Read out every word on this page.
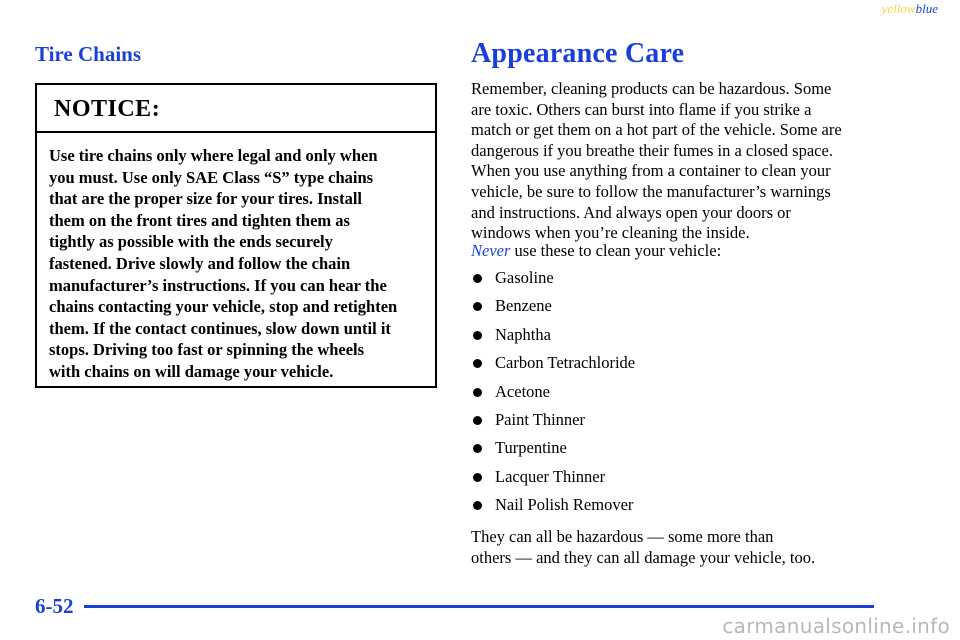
yellowblue
Tire Chains
NOTICE:
Use tire chains only where legal and only when
you must. Use only SAE Class “S” type chains
that are the proper size for your tires. Install
them on the front tires and tighten them as
tightly as possible with the ends securely
fastened. Drive slowly and follow the chain
manufacturer’s instructions. If you can hear the
chains contacting your vehicle, stop and retighten
them. If the contact continues, slow down until it
stops. Driving too fast or spinning the wheels
with chains on will damage your vehicle.
Appearance Care
Remember, cleaning products can be hazardous. Some
are toxic. Others can burst into flame if you strike a
match or get them on a hot part of the vehicle. Some are
dangerous if you breathe their fumes in a closed space.
When you use anything from a container to clean your
vehicle, be sure to follow the manufacturer’s warnings
and instructions. And always open your doors or
windows when you’re cleaning the inside.

Never use these to clean your vehicle:

Gasoline
Benzene
Naphtha
Carbon Tetrachloride
Acetone
Paint Thinner
Turpentine
Lacquer Thinner
Nail Polish Remover
They can all be hazardous –– some more than
others –– and they can all damage your vehicle, too.
6-52
carmanualsonline.info
